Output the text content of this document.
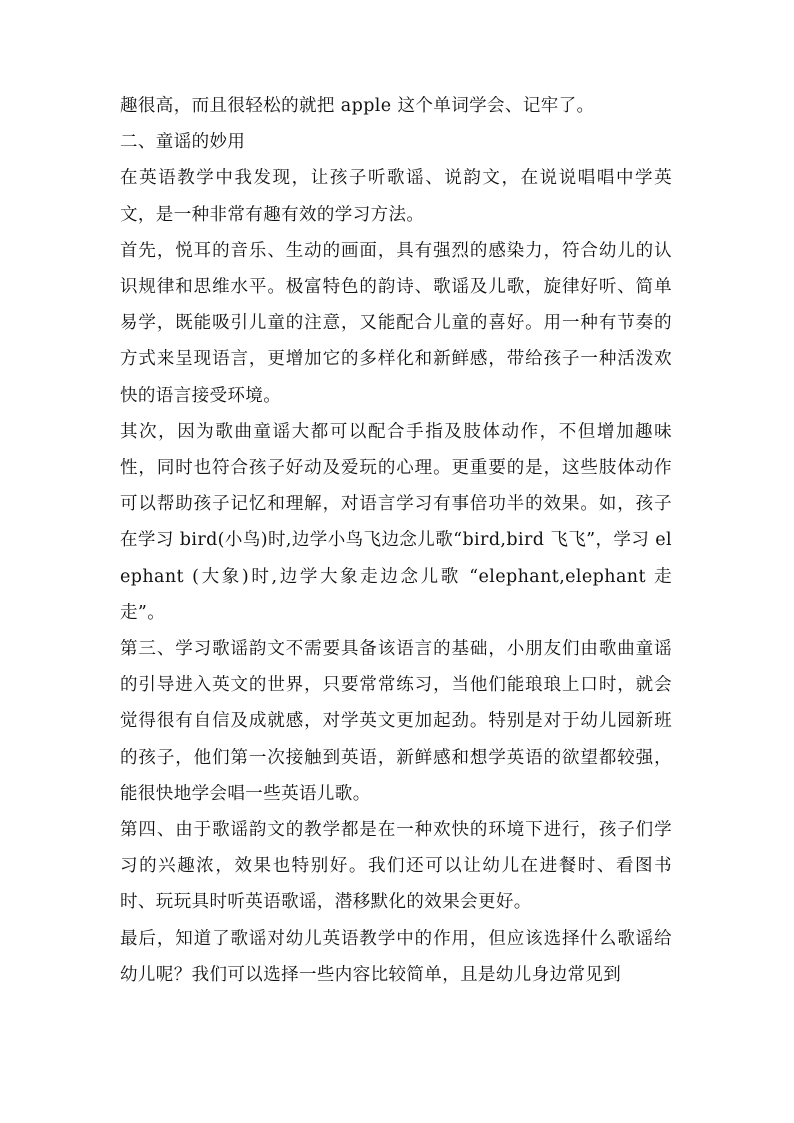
趣很高，而且很轻松的就把 apple 这个单词学会、记牢了。

二、童谣的妙用

在英语教学中我发现，让孩子听歌谣、说韵文，在说说唱唱中学英文，是一种非常有趣有效的学习方法。

首先，悦耳的音乐、生动的画面，具有强烈的感染力，符合幼儿的认识规律和思维水平。极富特色的韵诗、歌谣及儿歌，旋律好听、简单易学，既能吸引儿童的注意，又能配合儿童的喜好。用一种有节奏的方式来呈现语言，更增加它的多样化和新鲜感，带给孩子一种活泼欢快的语言接受环境。

其次，因为歌曲童谣大都可以配合手指及肢体动作，不但增加趣味性，同时也符合孩子好动及爱玩的心理。更重要的是，这些肢体动作可以帮助孩子记忆和理解，对语言学习有事倍功半的效果。如，孩子在学习 bird(小鸟)时,边学小鸟飞边念儿歌“bird,bird 飞飞”，学习 elephant (大象)时,边学大象走边念儿歌 “elephant,elephant 走走”。

第三、学习歌谣韵文不需要具备该语言的基础，小朋友们由歌曲童谣的引导进入英文的世界，只要常常练习，当他们能琅琅上口时，就会觉得很有自信及成就感，对学英文更加起劲。特别是对于幼儿园新班的孩子，他们第一次接触到英语，新鲜感和想学英语的欲望都较强，能很快地学会唱一些英语儿歌。

第四、由于歌谣韵文的教学都是在一种欢快的环境下进行，孩子们学习的兴趣浓，效果也特别好。我们还可以让幼儿在进餐时、看图书时、玩玩具时听英语歌谣，潜移默化的效果会更好。

最后，知道了歌谣对幼儿英语教学中的作用，但应该选择什么歌谣给幼儿呢？我们可以选择一些内容比较简单，且是幼儿身边常见到
